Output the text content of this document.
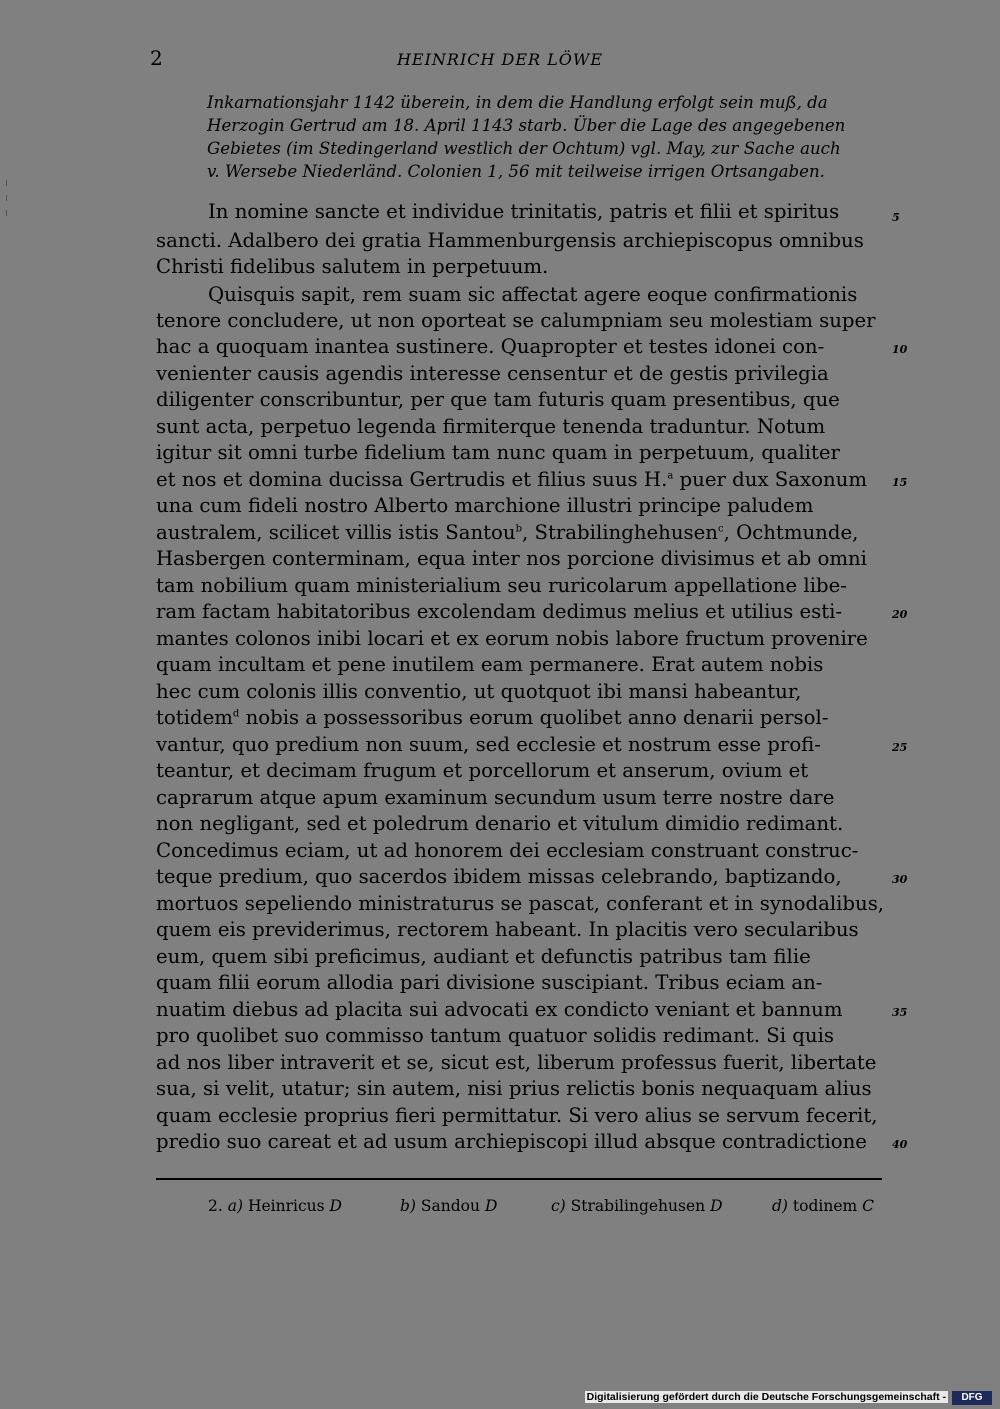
2	HEINRICH DER LÖWE
Inkarnationsjahr 1142 überein, in dem die Handlung erfolgt sein muß, da
Herzogin Gertrud am 18. April 1143 starb. Über die Lage des angegebenen
Gebietes (im Stedingerland westlich der Ochtum) vgl. May, zur Sache auch
v. Wersebe Niederländ. Colonien 1, 56 mit teilweise irrigen Ortsangaben.
In nomine sancte et individue trinitatis, patris et filii et spiritus
sancti. Adalbero dei gratia Hammenburgensis archiepiscopus omnibus
Christi fidelibus salutem in perpetuum.
Quisquis sapit, rem suam sic affectat agere eoque confirmationis
tenore concludere, ut non oporteat se calumpniam seu molestiam super
hac a quoquam inantea sustinere. Quapropter et testes idonei con-
venienter causis agendis interesse censentur et de gestis privilegia
diligenter conscribuntur, per que tam futuris quam presentibus, que
sunt acta, perpetuo legenda firmiterque tenenda traduntur. Notum
igitur sit omni turbe fidelium tam nunc quam in perpetuum, qualiter
et nos et domina ducissa Gertrudis et filius suus H.$^a$ puer dux Saxonum
una cum fideli nostro Alberto marchione illustri principe paludem
australem, scilicet villis istis Santou$^b$, Strabilinghehusen$^c$, Ochtmunde,
Hasbergen conterminam, equa inter nos porcione divisimus et ab omni
tam nobilium quam ministerialium seu ruricolarum appellatione libe-
ram factam habitatoribus excolendam dedimus melius et utilius esti-
mantes colonos inibi locari et ex eorum nobis labore fructum provenire
quam incultam et pene inutilem eam permanere. Erat autem nobis
hec cum colonis illis conventio, ut quotquot ibi mansi habeantur,
totidem$^d$ nobis a possessoribus eorum quolibet anno denarii persol-
vantur, quo predium non suum, sed ecclesie et nostrum esse profi-
teantur, et decimam frugum et porcellorum et anserum, ovium et
caprarum atque apum examinum secundum usum terre nostre dare
non negligant, sed et poledrum denario et vitulum dimidio redimant.
Concedimus eciam, ut ad honorem dei ecclesiam construant construc-
teque predium, quo sacerdos ibidem missas celebrando, baptizando,
mortuos sepeliendo ministraturus se pascat, conferant et in synodalibus,
quem eis previderimus, rectorem habeant. In placitis vero secularibus
eum, quem sibi preficimus, audiant et defunctis patribus tam filie
quam filii eorum allodia pari divisione suscipiant. Tribus eciam an-
nuatim diebus ad placita sui advocati ex condicto veniant et bannum
pro quolibet suo commisso tantum quatuor solidis redimant. Si quis
ad nos liber intraverit et se, sicut est, liberum professus fuerit, libertate
sua, si velit, utatur; sin autem, nisi prius relictis bonis nequaquam alius
quam ecclesie proprius fieri permittatur. Si vero alius se servum fecerit,
predio suo careat et ad usum archiepiscopi illud absque contradictione
5
10
15
20
25
30
35
40
2. a) Heinricus D	b) Sandou D	c) Strabilingehusen D	d) todinem C
Digitalisierung gefördert durch die Deutsche Forschungsgemeinschaft -	DFG
